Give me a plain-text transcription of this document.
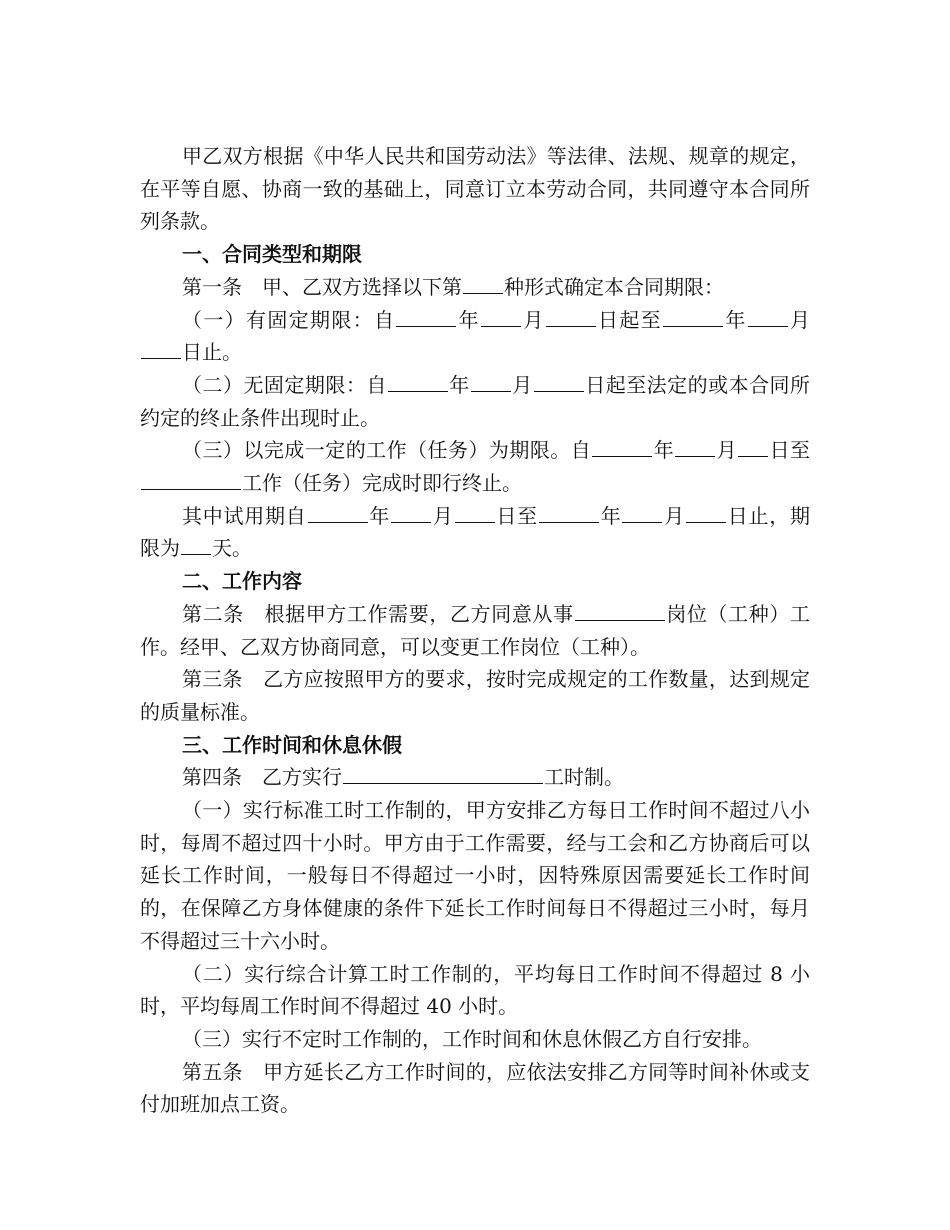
甲乙双方根据《中华人民共和国劳动法》等法律、法规、规章的规定，在平等自愿、协商一致的基础上，同意订立本劳动合同，共同遵守本合同所列条款。

一、合同类型和期限

第一条　甲、乙双方选择以下第 种形式确定本合同期限：

（一）有固定期限：自	年 月	日起至	年 月日止。

（二）无固定期限：自	年 月	日起至法定的或本合同所约定的终止条件出现时止。

（三）以完成一定的工作（任务）为期限。自	年 月 日至工作（任务）完成时即行终止。

其中试用期自	年 月 日至	年 月 日止，期限为 天。

二、工作内容

第二条　根据甲方工作需要，乙方同意从事	岗位（工种）工作。经甲、乙双方协商同意，可以变更工作岗位（工种）。

第三条　乙方应按照甲方的要求，按时完成规定的工作数量，达到规定的质量标准。

三、工作时间和休息休假

第四条　乙方实行	工时制。

（一）实行标准工时工作制的，甲方安排乙方每日工作时间不超过八小时，每周不超过四十小时。甲方由于工作需要，经与工会和乙方协商后可以延长工作时间，一般每日不得超过一小时，因特殊原因需要延长工作时间的，在保障乙方身体健康的条件下延长工作时间每日不得超过三小时，每月不得超过三十六小时。

（二）实行综合计算工时工作制的，平均每日工作时间不得超过 8 小时，平均每周工作时间不得超过 40 小时。

（三）实行不定时工作制的，工作时间和休息休假乙方自行安排。

第五条　甲方延长乙方工作时间的，应依法安排乙方同等时间补休或支付加班加点工资。
